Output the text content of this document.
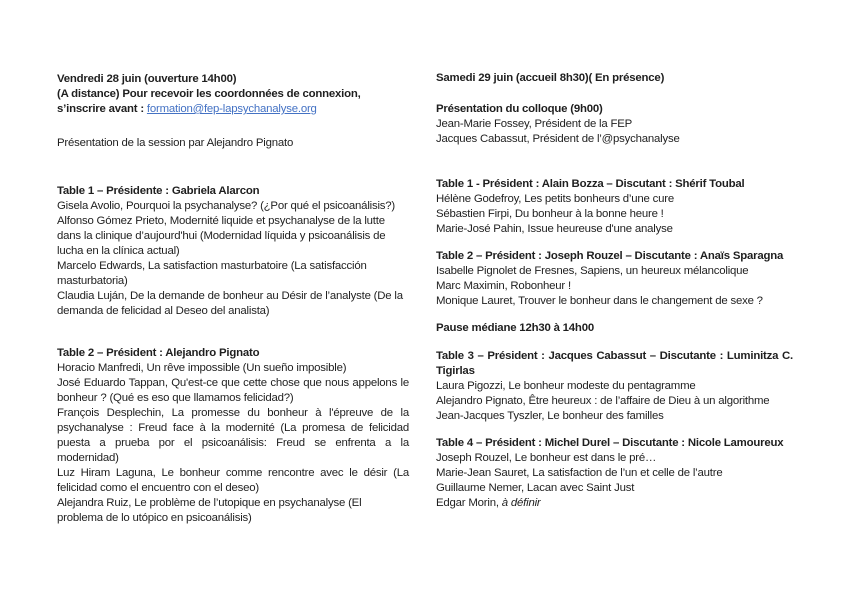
Vendredi 28 juin (ouverture 14h00)

(A distance) Pour recevoir les coordonnées de connexion,

s’inscrire avant : formation@fep-lapsychanalyse.org

Présentation de la session par Alejandro Pignato

Table 1 – Présidente : Gabriela Alarcon

Gisela Avolio, Pourquoi la psychanalyse? (¿Por qué el psicoanálisis?)

Alfonso Gómez Prieto, Modernité liquide et psychanalyse de la lutte dans la clinique d’aujourd'hui (Modernidad líquida y psicoanálisis de lucha en la clínica actual)

Marcelo Edwards, La satisfaction masturbatoire (La satisfacción masturbatoria)

Claudia Luján, De la demande de bonheur au Désir de l’analyste (De la demanda de felicidad al Deseo del analista)

Table 2 – Président : Alejandro Pignato

Horacio Manfredi, Un rêve impossible (Un sueño imposible)

José Eduardo Tappan, Qu'est-ce que cette chose que nous appelons le bonheur ? (Qué es eso que llamamos felicidad?)

François Desplechin, La promesse du bonheur à l'épreuve de la psychanalyse : Freud face à la modernité (La promesa de felicidad puesta a prueba por el psicoanálisis: Freud se enfrenta a la modernidad)

Luz Hiram Laguna, Le bonheur comme rencontre avec le désir (La felicidad como el encuentro con el deseo)

Alejandra Ruiz, Le problème de l’utopique en psychanalyse (El problema de lo utópico en psicoanálisis)

Samedi 29 juin (accueil 8h30)( En présence)

Présentation du colloque (9h00)

Jean-Marie Fossey, Président de la FEP

Jacques Cabassut, Président de l’@psychanalyse

Table 1 - Président : Alain Bozza – Discutant : Shérif Toubal

Hélène Godefroy, Les petits bonheurs d’une cure

Sébastien Firpi, Du bonheur à la bonne heure !

Marie-José Pahin, Issue heureuse d'une analyse

Table 2 – Président : Joseph Rouzel – Discutante : Anaïs Sparagna

Isabelle Pignolet de Fresnes, Sapiens, un heureux mélancolique

Marc Maximin, Robonheur !

Monique Lauret, Trouver le bonheur dans le changement de sexe ?

Pause médiane 12h30 à 14h00

Table 3 – Président : Jacques Cabassut – Discutante : Luminitza C. Tigirlas

Laura Pigozzi, Le bonheur modeste du pentagramme

Alejandro Pignato, Être heureux : de l’affaire de Dieu à un algorithme

Jean-Jacques Tyszler, Le bonheur des familles

Table 4 – Président : Michel Durel – Discutante : Nicole Lamoureux

Joseph Rouzel, Le bonheur est dans le pré…

Marie-Jean Sauret, La satisfaction de l’un et celle de l’autre

Guillaume Nemer, Lacan avec Saint Just

Edgar Morin, à définir
